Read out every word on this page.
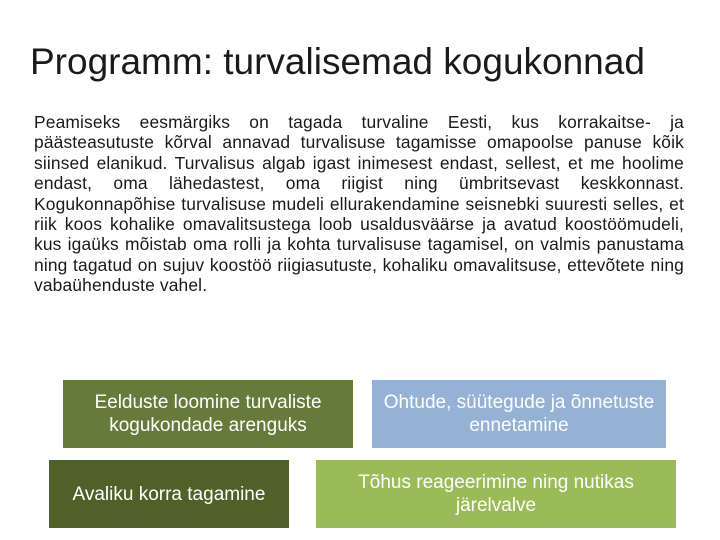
Programm: turvalisemad kogukonnad
Peamiseks eesmärgiks on tagada turvaline Eesti, kus korrakaitse- ja päästeasutuste kõrval annavad turvalisuse tagamisse omapoolse panuse kõik siinsed elanikud. Turvalisus algab igast inimesest endast, sellest, et me hoolime endast, oma lähedastest, oma riigist ning ümbritsevast keskkonnast. Kogukonnapõhise turvalisuse mudeli ellurakendamine seisnebki suuresti selles, et riik koos kohalike omavalitsustega loob usaldusväärse ja avatud koostöömudeli, kus igaüks mõistab oma rolli ja kohta turvalisuse tagamisel, on valmis panustama ning tagatud on sujuv koostöö riigiasutuste, kohaliku omavalitsuse, ettevõtete ning vabaühenduste vahel.
Eelduste loomine turvaliste kogukondade arenguks
Ohtude, süütegude ja õnnetuste ennetamine
Avaliku korra tagamine
Tõhus reageerimine ning nutikas järelvalve
